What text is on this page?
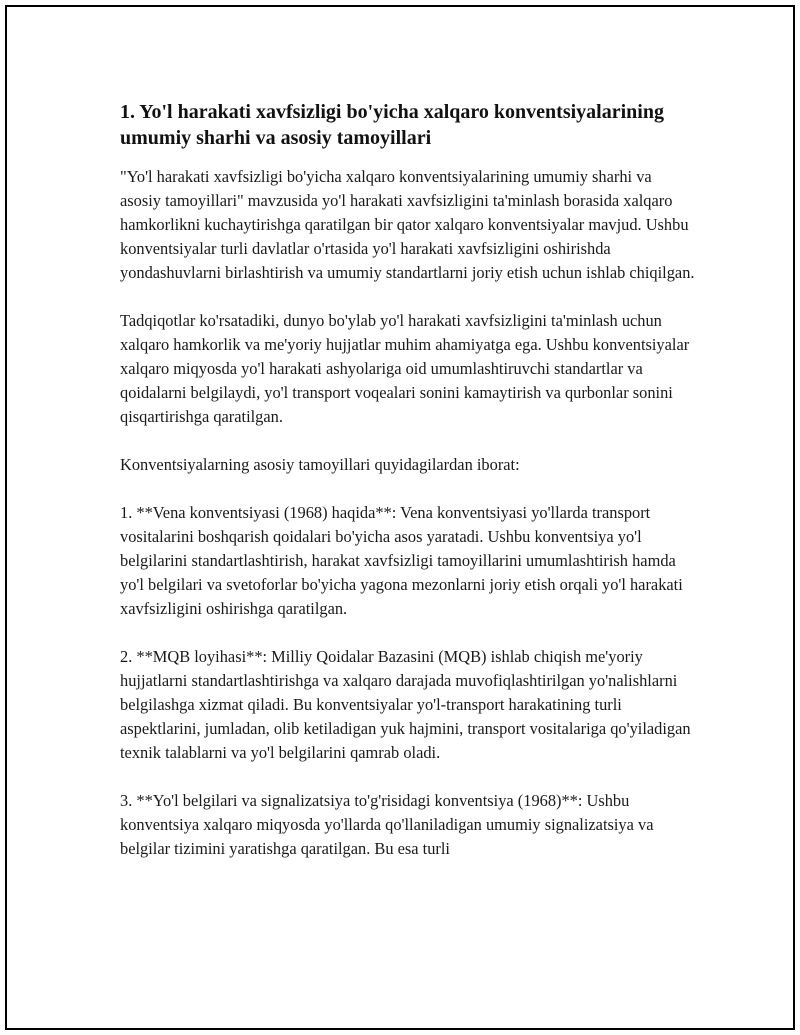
1. Yo'l harakati xavfsizligi bo'yicha xalqaro konventsiyalarining umumiy sharhi va asosiy tamoyillari

"Yo'l harakati xavfsizligi bo'yicha xalqaro konventsiyalarining umumiy sharhi va asosiy tamoyillari" mavzusida yo'l harakati xavfsizligini ta'minlash borasida xalqaro hamkorlikni kuchaytirishga qaratilgan bir qator xalqaro konventsiyalar mavjud. Ushbu konventsiyalar turli davlatlar o'rtasida yo'l harakati xavfsizligini oshirishda yondashuvlarni birlashtirish va umumiy standartlarni joriy etish uchun ishlab chiqilgan.

Tadqiqotlar ko'rsatadiki, dunyo bo'ylab yo'l harakati xavfsizligini ta'minlash uchun xalqaro hamkorlik va me'yoriy hujjatlar muhim ahamiyatga ega. Ushbu konventsiyalar xalqaro miqyosda yo'l harakati ashyolariga oid umumlashtiruvchi standartlar va qoidalarni belgilaydi, yo'l transport voqealari sonini kamaytirish va qurbonlar sonini qisqartirishga qaratilgan.

Konventsiyalarning asosiy tamoyillari quyidagilardan iborat:

1. **Vena konventsiyasi (1968) haqida**: Vena konventsiyasi yo'llarda transport vositalarini boshqarish qoidalari bo'yicha asos yaratadi. Ushbu konventsiya yo'l belgilarini standartlashtirish, harakat xavfsizligi tamoyillarini umumlashtirish hamda yo'l belgilari va svetoforlar bo'yicha yagona mezonlarni joriy etish orqali yo'l harakati xavfsizligini oshirishga qaratilgan.

2. **MQB loyihasi**: Milliy Qoidalar Bazasini (MQB) ishlab chiqish me'yoriy hujjatlarni standartlashtirishga va xalqaro darajada muvofiqlashtirilgan yo'nalishlarni belgilashga xizmat qiladi. Bu konventsiyalar yo'l-transport harakatining turli aspektlarini, jumladan, olib ketiladigan yuk hajmini, transport vositalariga qo'yiladigan texnik talablarni va yo'l belgilarini qamrab oladi.

3. **Yo'l belgilari va signalizatsiya to'g'risidagi konventsiya (1968)**: Ushbu konventsiya xalqaro miqyosda yo'llarda qo'llaniladigan umumiy signalizatsiya va belgilar tizimini yaratishga qaratilgan. Bu esa turli
